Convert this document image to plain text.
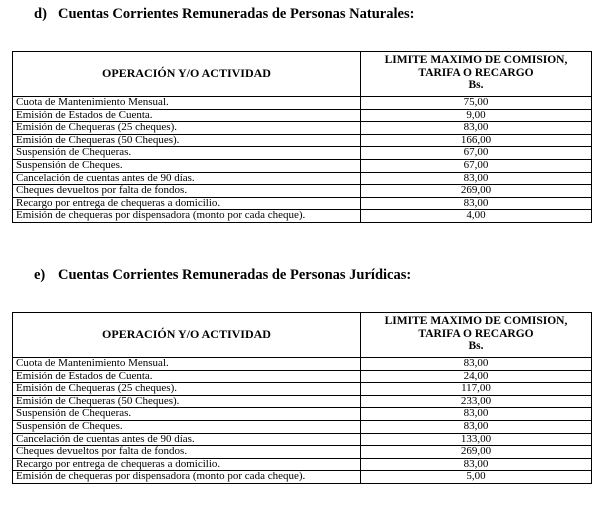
d) Cuentas Corrientes Remuneradas de Personas Naturales:
OPERACIÓN Y/O ACTIVIDAD	LIMITE MAXIMO DE COMISION,
TARIFA O RECARGO
Bs.

Cuota de Mantenimiento Mensual.	75,00
Emisión de Estados de Cuenta.	9,00
Emisión de Chequeras (25 cheques).	83,00
Emisión de Chequeras (50 Cheques).	166,00
Suspensión de Chequeras.	67,00
Suspensión de Cheques.	67,00
Cancelación de cuentas antes de 90 días.	83,00
Cheques devueltos por falta de fondos.	269,00
Recargo por entrega de chequeras a domicilio.	83,00
Emisión de chequeras por dispensadora (monto por cada cheque).	4,00
e) Cuentas Corrientes Remuneradas de Personas Jurídicas:
OPERACIÓN Y/O ACTIVIDAD	LIMITE MAXIMO DE COMISION,
TARIFA O RECARGO
Bs.

Cuota de Mantenimiento Mensual.	83,00
Emisión de Estados de Cuenta.	24,00
Emisión de Chequeras (25 cheques).	117,00
Emisión de Chequeras (50 Cheques).	233,00
Suspensión de Chequeras.	83,00
Suspensión de Cheques.	83,00
Cancelación de cuentas antes de 90 días.	133,00
Cheques devueltos por falta de fondos.	269,00
Recargo por entrega de chequeras a domicilio.	83,00
Emisión de chequeras por dispensadora (monto por cada cheque).	5,00
